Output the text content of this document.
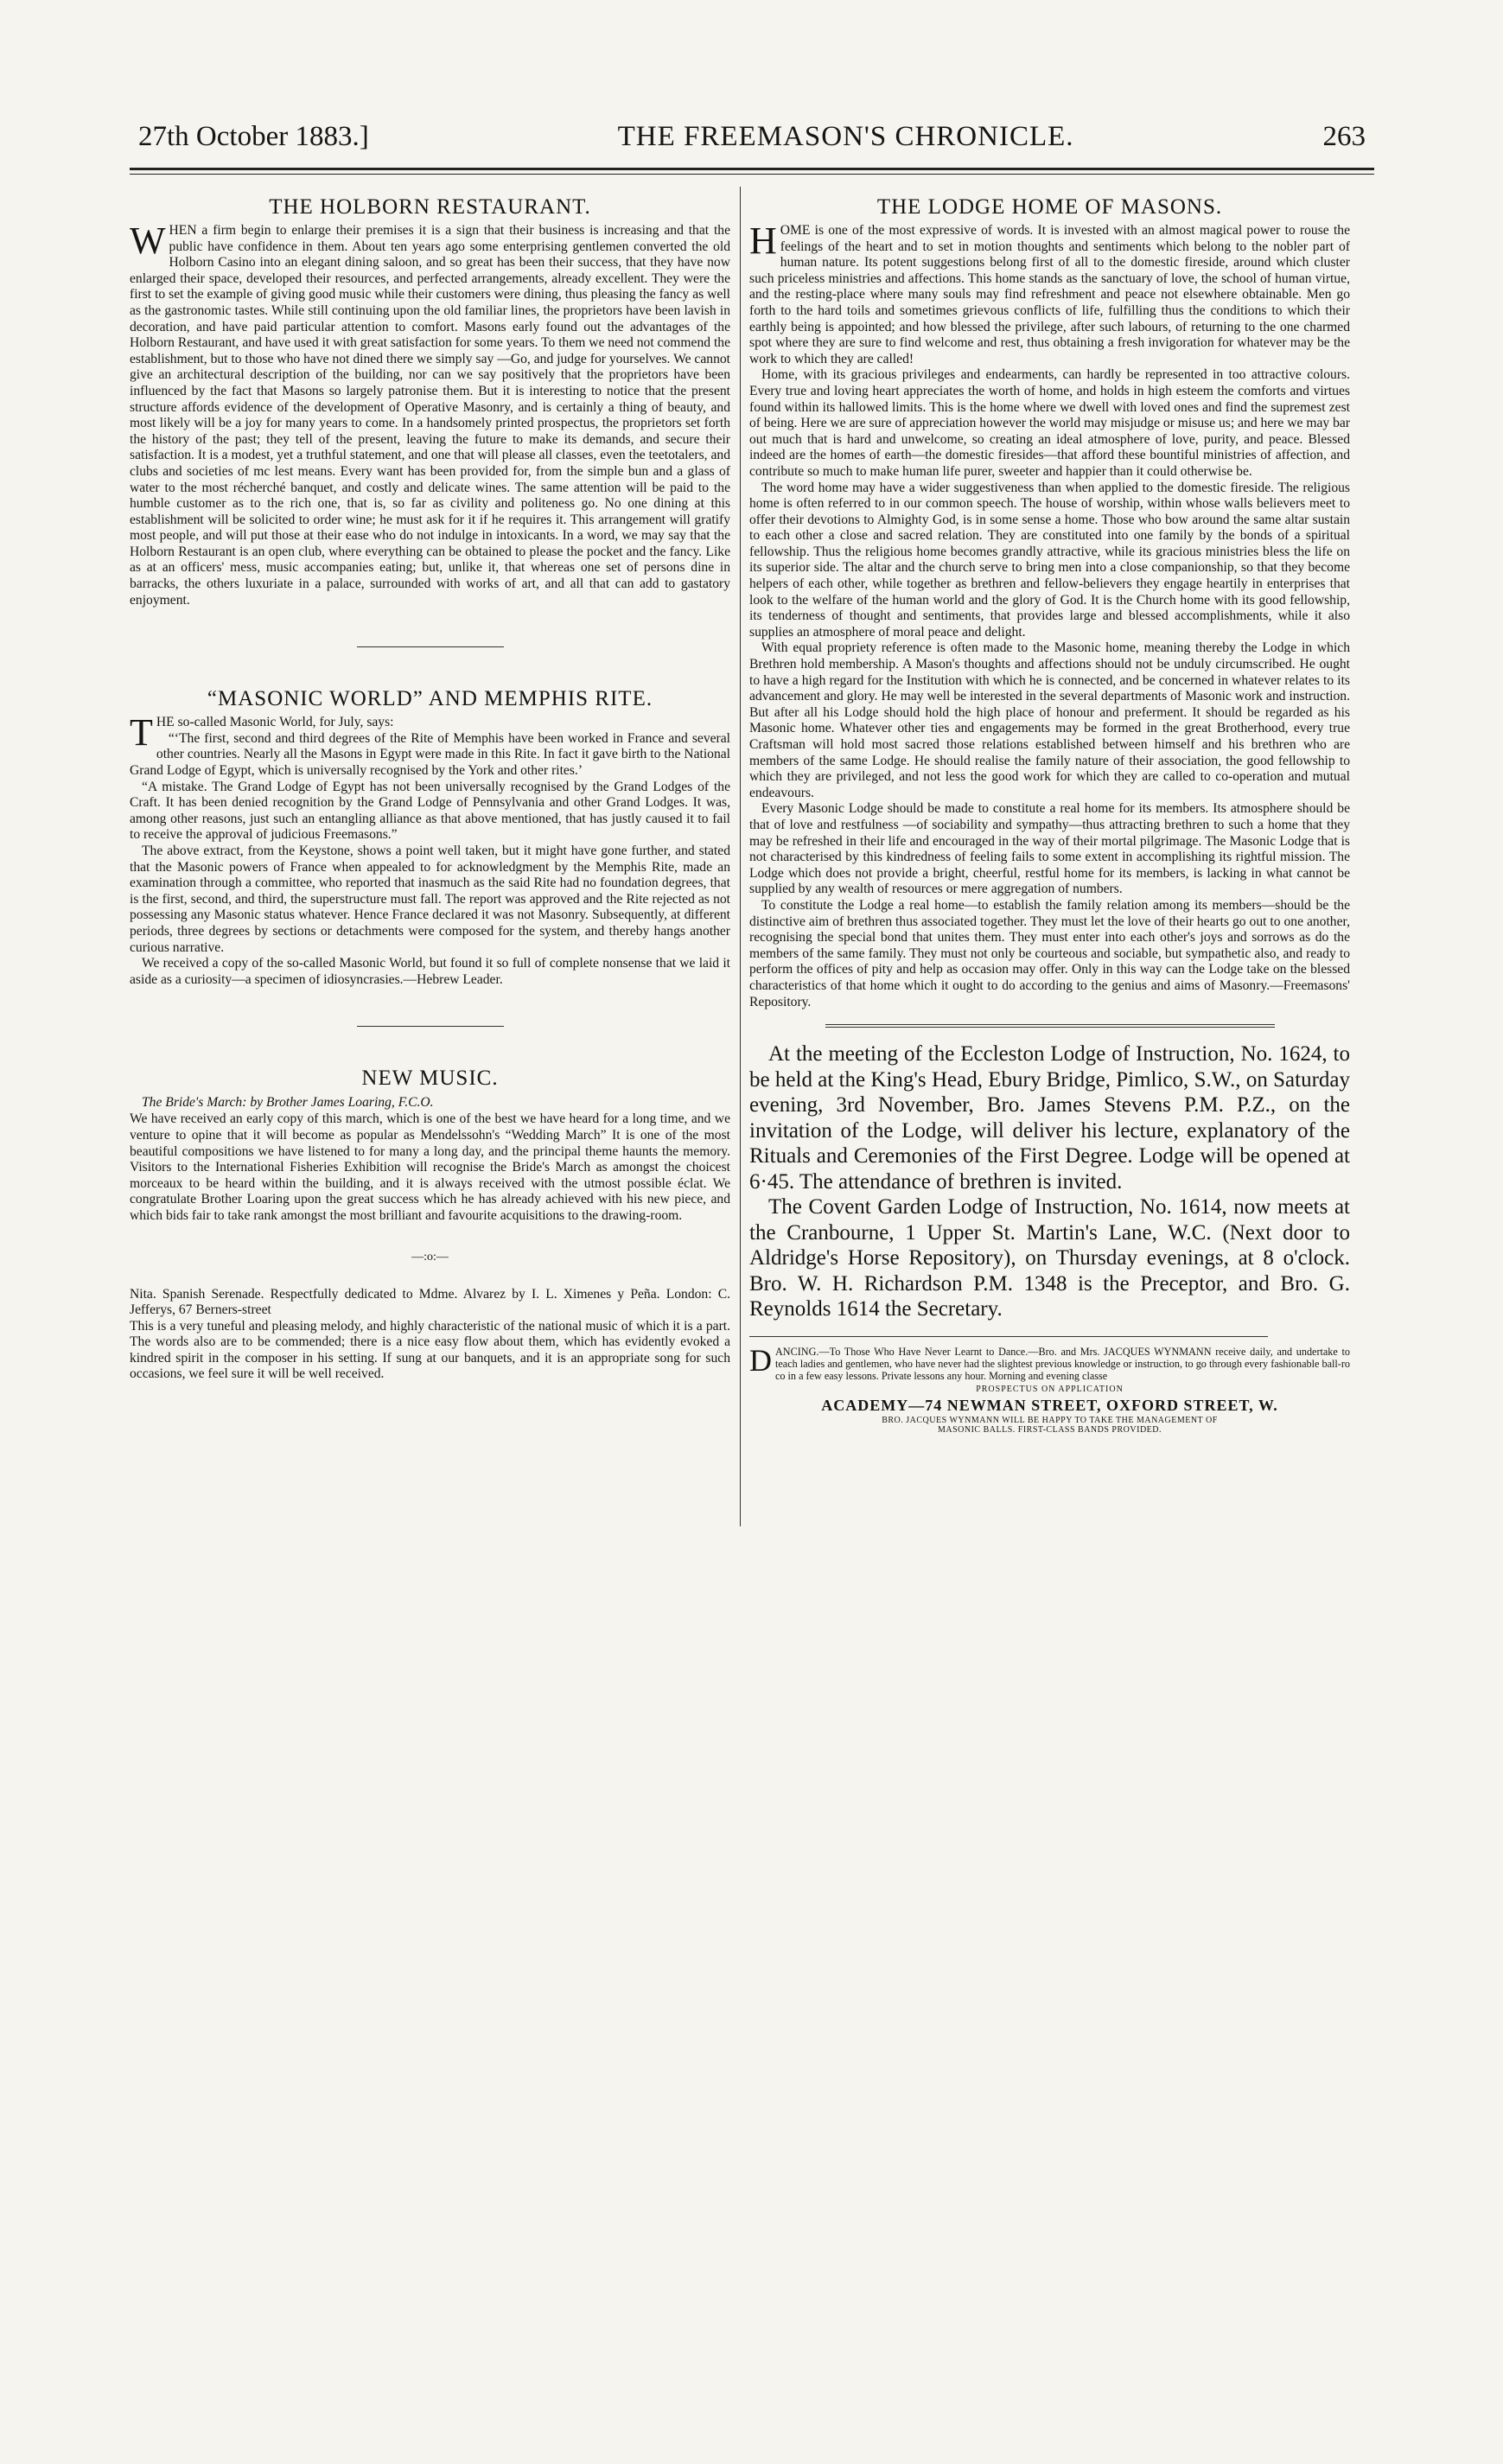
27th October 1883.]	THE FREEMASON'S CHRONICLE.	263
THE HOLBORN RESTAURANT.

WHEN a firm begin to enlarge their premises it is a sign that their business is increasing and that the public have confidence in them. About ten years ago some enterprising gentlemen converted the old Holborn Casino into an elegant dining saloon, and so great has been their success, that they have now enlarged their space, developed their resources, and perfected arrangements, already excellent. They were the first to set the example of giving good music while their customers were dining, thus pleasing the fancy as well as the gastronomic tastes. While still continuing upon the old familiar lines, the proprietors have been lavish in decoration, and have paid particular attention to comfort. Masons early found out the advantages of the Holborn Restaurant, and have used it with great satisfaction for some years. To them we need not commend the establishment, but to those who have not dined there we simply say —Go, and judge for yourselves. We cannot give an architectural description of the building, nor can we say positively that the proprietors have been influenced by the fact that Masons so largely patronise them. But it is interesting to notice that the present structure affords evidence of the development of Operative Masonry, and is certainly a thing of beauty, and most likely will be a joy for many years to come. In a handsomely printed prospectus, the proprietors set forth the history of the past; they tell of the present, leaving the future to make its demands, and secure their satisfaction. It is a modest, yet a truthful statement, and one that will please all classes, even the teetotalers, and clubs and societies of mc lest means. Every want has been provided for, from the simple bun and a glass of water to the most récherché banquet, and costly and delicate wines. The same attention will be paid to the humble customer as to the rich one, that is, so far as civility and politeness go. No one dining at this establishment will be solicited to order wine; he must ask for it if he requires it. This arrangement will gratify most people, and will put those at their ease who do not indulge in intoxicants. In a word, we may say that the Holborn Restaurant is an open club, where everything can be obtained to please the pocket and the fancy. Like as at an officers' mess, music accompanies eating; but, unlike it, that whereas one set of persons dine in barracks, the others luxuriate in a palace, surrounded with works of art, and all that can add to gastatory enjoyment.

“MASONIC WORLD” AND MEMPHIS RITE.

THE so-called Masonic World, for July, says:

“‘The first, second and third degrees of the Rite of Memphis have been worked in France and several other countries. Nearly all the Masons in Egypt were made in this Rite. In fact it gave birth to the National Grand Lodge of Egypt, which is universally recognised by the York and other rites.’

“A mistake. The Grand Lodge of Egypt has not been universally recognised by the Grand Lodges of the Craft. It has been denied recognition by the Grand Lodge of Pennsylvania and other Grand Lodges. It was, among other reasons, just such an entangling alliance as that above mentioned, that has justly caused it to fail to receive the approval of judicious Freemasons.”

The above extract, from the Keystone, shows a point well taken, but it might have gone further, and stated that the Masonic powers of France when appealed to for acknowledgment by the Memphis Rite, made an examination through a committee, who reported that inasmuch as the said Rite had no foundation degrees, that is the first, second, and third, the superstructure must fall. The report was approved and the Rite rejected as not possessing any Masonic status whatever. Hence France declared it was not Masonry. Subsequently, at different periods, three degrees by sections or detachments were composed for the system, and thereby hangs another curious narrative.

We received a copy of the so-called Masonic World, but found it so full of complete nonsense that we laid it aside as a curiosity—a specimen of idiosyncrasies.—Hebrew Leader.

NEW MUSIC.

The Bride's March: by Brother James Loaring, F.C.O.

We have received an early copy of this march, which is one of the best we have heard for a long time, and we venture to opine that it will become as popular as Mendelssohn's “Wedding March” It is one of the most beautiful compositions we have listened to for many a long day, and the principal theme haunts the memory. Visitors to the International Fisheries Exhibition will recognise the Bride's March as amongst the choicest morceaux to be heard within the building, and it is always received with the utmost possible éclat. We congratulate Brother Loaring upon the great success which he has already achieved with his new piece, and which bids fair to take rank amongst the most brilliant and favourite acquisitions to the drawing-room.

—:o:—

Nita. Spanish Serenade. Respectfully dedicated to Mdme. Alvarez by I. L. Ximenes y Peña. London: C. Jefferys, 67 Berners-street

This is a very tuneful and pleasing melody, and highly characteristic of the national music of which it is a part. The words also are to be commended; there is a nice easy flow about them, which has evidently evoked a kindred spirit in the composer in his setting. If sung at our banquets, and it is an appropriate song for such occasions, we feel sure it will be well received.

THE LODGE HOME OF MASONS.

HOME is one of the most expressive of words. It is invested with an almost magical power to rouse the feelings of the heart and to set in motion thoughts and sentiments which belong to the nobler part of human nature. Its potent suggestions belong first of all to the domestic fireside, around which cluster such priceless ministries and affections. This home stands as the sanctuary of love, the school of human virtue, and the resting-place where many souls may find refreshment and peace not elsewhere obtainable. Men go forth to the hard toils and sometimes grievous conflicts of life, fulfilling thus the conditions to which their earthly being is appointed; and how blessed the privilege, after such labours, of returning to the one charmed spot where they are sure to find welcome and rest, thus obtaining a fresh invigoration for whatever may be the work to which they are called!

Home, with its gracious privileges and endearments, can hardly be represented in too attractive colours. Every true and loving heart appreciates the worth of home, and holds in high esteem the comforts and virtues found within its hallowed limits. This is the home where we dwell with loved ones and find the supremest zest of being. Here we are sure of appreciation however the world may misjudge or misuse us; and here we may bar out much that is hard and unwelcome, so creating an ideal atmosphere of love, purity, and peace. Blessed indeed are the homes of earth—the domestic firesides—that afford these bountiful ministries of affection, and contribute so much to make human life purer, sweeter and happier than it could otherwise be.

The word home may have a wider suggestiveness than when applied to the domestic fireside. The religious home is often referred to in our common speech. The house of worship, within whose walls believers meet to offer their devotions to Almighty God, is in some sense a home. Those who bow around the same altar sustain to each other a close and sacred relation. They are constituted into one family by the bonds of a spiritual fellowship. Thus the religious home becomes grandly attractive, while its gracious ministries bless the life on its superior side. The altar and the church serve to bring men into a close companionship, so that they become helpers of each other, while together as brethren and fellow-believers they engage heartily in enterprises that look to the welfare of the human world and the glory of God. It is the Church home with its good fellowship, its tenderness of thought and sentiments, that provides large and blessed accomplishments, while it also supplies an atmosphere of moral peace and delight.

With equal propriety reference is often made to the Masonic home, meaning thereby the Lodge in which Brethren hold membership. A Mason's thoughts and affections should not be unduly circumscribed. He ought to have a high regard for the Institution with which he is connected, and be concerned in whatever relates to its advancement and glory. He may well be interested in the several departments of Masonic work and instruction. But after all his Lodge should hold the high place of honour and preferment. It should be regarded as his Masonic home. Whatever other ties and engagements may be formed in the great Brotherhood, every true Craftsman will hold most sacred those relations established between himself and his brethren who are members of the same Lodge. He should realise the family nature of their association, the good fellowship to which they are privileged, and not less the good work for which they are called to co-operation and mutual endeavours.

Every Masonic Lodge should be made to constitute a real home for its members. Its atmosphere should be that of love and restfulness —of sociability and sympathy—thus attracting brethren to such a home that they may be refreshed in their life and encouraged in the way of their mortal pilgrimage. The Masonic Lodge that is not characterised by this kindredness of feeling fails to some extent in accomplishing its rightful mission. The Lodge which does not provide a bright, cheerful, restful home for its members, is lacking in what cannot be supplied by any wealth of resources or mere aggregation of numbers.

To constitute the Lodge a real home—to establish the family relation among its members—should be the distinctive aim of brethren thus associated together. They must let the love of their hearts go out to one another, recognising the special bond that unites them. They must enter into each other's joys and sorrows as do the members of the same family. They must not only be courteous and sociable, but sympathetic also, and ready to perform the offices of pity and help as occasion may offer. Only in this way can the Lodge take on the blessed characteristics of that home which it ought to do according to the genius and aims of Masonry.—Freemasons' Repository.

At the meeting of the Eccleston Lodge of Instruction, No. 1624, to be held at the King's Head, Ebury Bridge, Pimlico, S.W., on Saturday evening, 3rd November, Bro. James Stevens P.M. P.Z., on the invitation of the Lodge, will deliver his lecture, explanatory of the Rituals and Ceremonies of the First Degree. Lodge will be opened at 6·45. The attendance of brethren is invited.

The Covent Garden Lodge of Instruction, No. 1614, now meets at the Cranbourne, 1 Upper St. Martin's Lane, W.C. (Next door to Aldridge's Horse Repository), on Thursday evenings, at 8 o'clock. Bro. W. H. Richardson P.M. 1348 is the Preceptor, and Bro. G. Reynolds 1614 the Secretary.

DANCING.—To Those Who Have Never Learnt to Dance.—Bro. and Mrs. JACQUES WYNMANN receive daily, and undertake to teach ladies and gentlemen, who have never had the slightest previous knowledge or instruction, to go through every fashionable ball-ro co in a few easy lessons. Private lessons any hour. Morning and evening classe

PROSPECTUS ON APPLICATION
ACADEMY—74 NEWMAN STREET, OXFORD STREET, W.
BRO. JACQUES WYNMANN WILL BE HAPPY TO TAKE THE MANAGEMENT OF
MASONIC BALLS. FIRST-CLASS BANDS PROVIDED.
